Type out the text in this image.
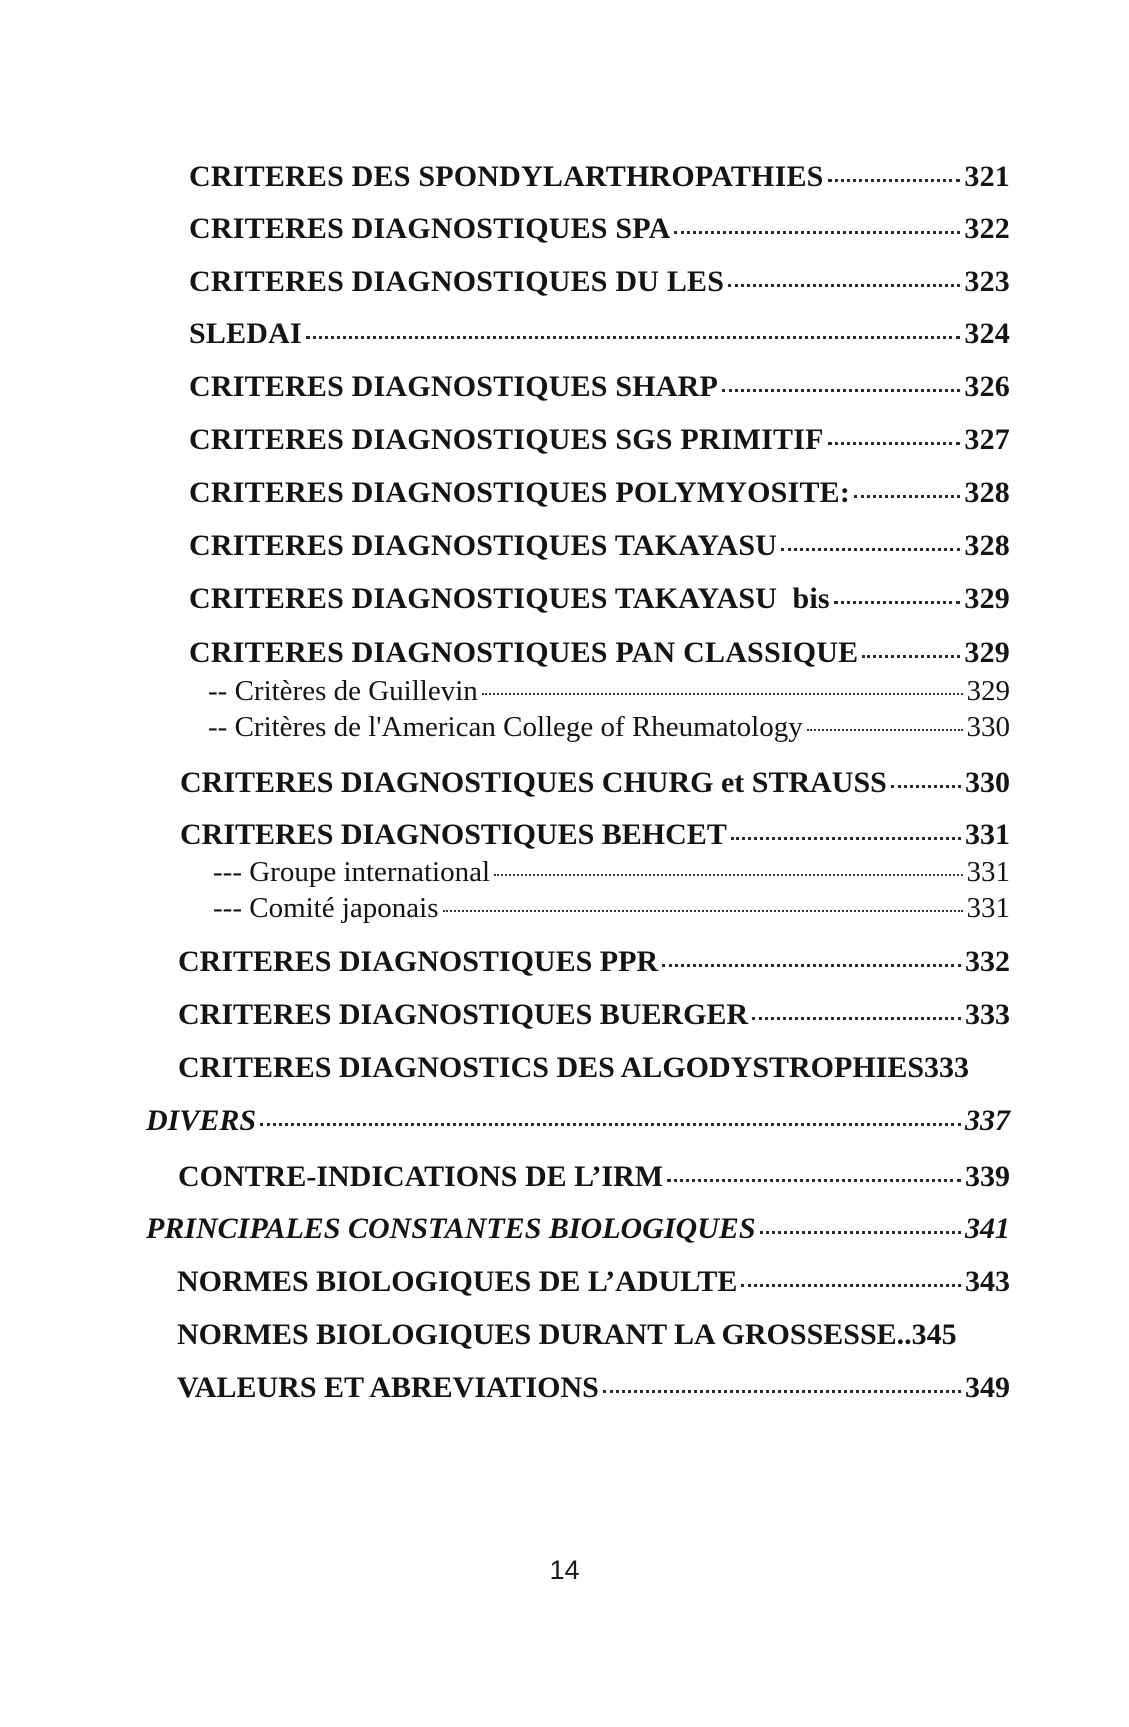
CRITERES DES SPONDYLARTHROPATHIES	321
CRITERES DIAGNOSTIQUES SPA	322
CRITERES DIAGNOSTIQUES DU LES	323
SLEDAI	324
CRITERES DIAGNOSTIQUES SHARP	326
CRITERES DIAGNOSTIQUES SGS PRIMITIF	327
CRITERES DIAGNOSTIQUES POLYMYOSITE:	328
CRITERES DIAGNOSTIQUES TAKAYASU	328
CRITERES DIAGNOSTIQUES TAKAYASU  bis	329
CRITERES DIAGNOSTIQUES PAN CLASSIQUE	329
-- Critères de Guillevin	329
-- Critères de l'American College of Rheumatology	330
CRITERES DIAGNOSTIQUES CHURG et STRAUSS	330
CRITERES DIAGNOSTIQUES BEHCET	331
--- Groupe international	331
--- Comité japonais	331
CRITERES DIAGNOSTIQUES PPR	332
CRITERES DIAGNOSTIQUES BUERGER	333
CRITERES DIAGNOSTICS DES ALGODYSTROPHIES 333
DIVERS	337
CONTRE-INDICATIONS DE L’IRM	339
PRINCIPALES CONSTANTES BIOLOGIQUES	341
NORMES BIOLOGIQUES DE L’ADULTE	343
NORMES BIOLOGIQUES DURANT LA GROSSESSE.. 345
VALEURS ET ABREVIATIONS	349
14
